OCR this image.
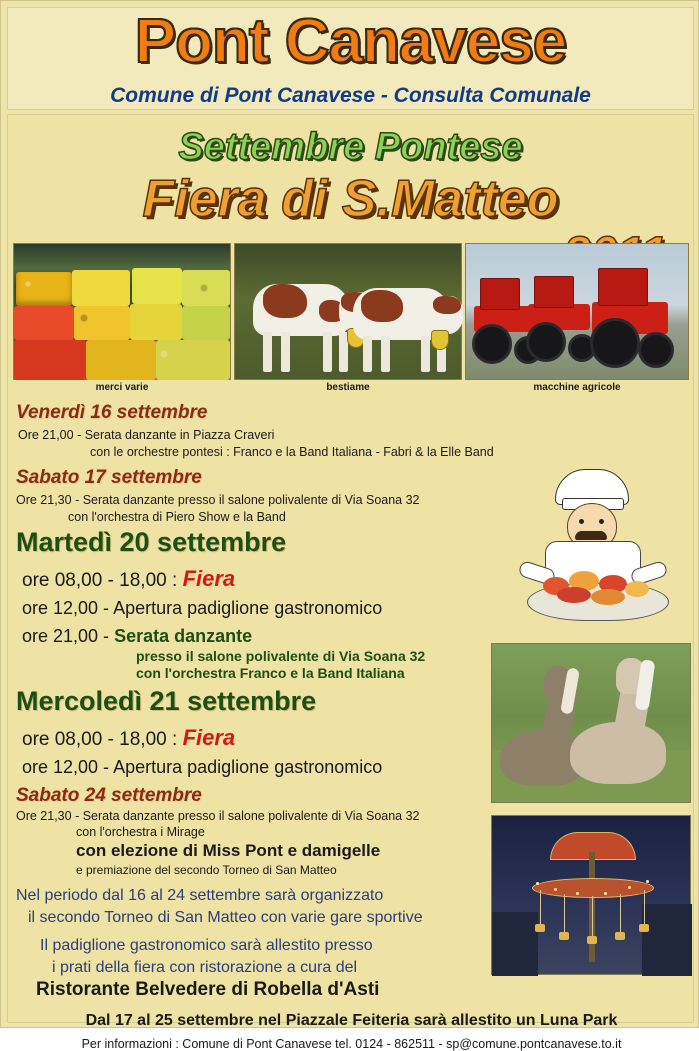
Pont Canavese
Comune di Pont Canavese - Consulta Comunale
Settembre Pontese
Fiera di S.Matteo
merci varie	bestiame	macchine agricole
Venerdì 16 settembre
Ore 21,00 - Serata danzante in Piazza Craveri
con le orchestre pontesi : Franco e la Band Italiana - Fabri & la Elle Band
Sabato 17 settembre
Ore 21,30 - Serata danzante presso il salone polivalente di Via Soana 32
con l'orchestra di Piero Show e la Band
Martedì 20 settembre
ore 08,00 - 18,00 : Fiera
ore 12,00 - Apertura padiglione gastronomico
ore 21,00 - Serata danzante
presso il salone polivalente di Via Soana 32
con l'orchestra Franco e la Band Italiana
Mercoledì 21 settembre
ore 08,00 - 18,00 : Fiera
ore 12,00 - Apertura padiglione gastronomico
Sabato 24 settembre
Ore 21,30 - Serata danzante presso il salone polivalente di Via Soana 32
con l'orchestra i Mirage
con elezione di Miss Pont e damigelle
e premiazione del secondo Torneo di San Matteo
Nel periodo dal 16 al 24 settembre sarà organizzato
il secondo Torneo di San Matteo con varie gare sportive
Il padiglione gastronomico sarà allestito presso
i prati della fiera con ristorazione a cura del
Ristorante Belvedere di Robella d'Asti
Dal 17 al 25 settembre nel Piazzale Feiteria sarà allestito un Luna Park
Per informazioni : Comune di Pont Canavese tel. 0124 - 862511 - sp@comune.pontcanavese.to.it
